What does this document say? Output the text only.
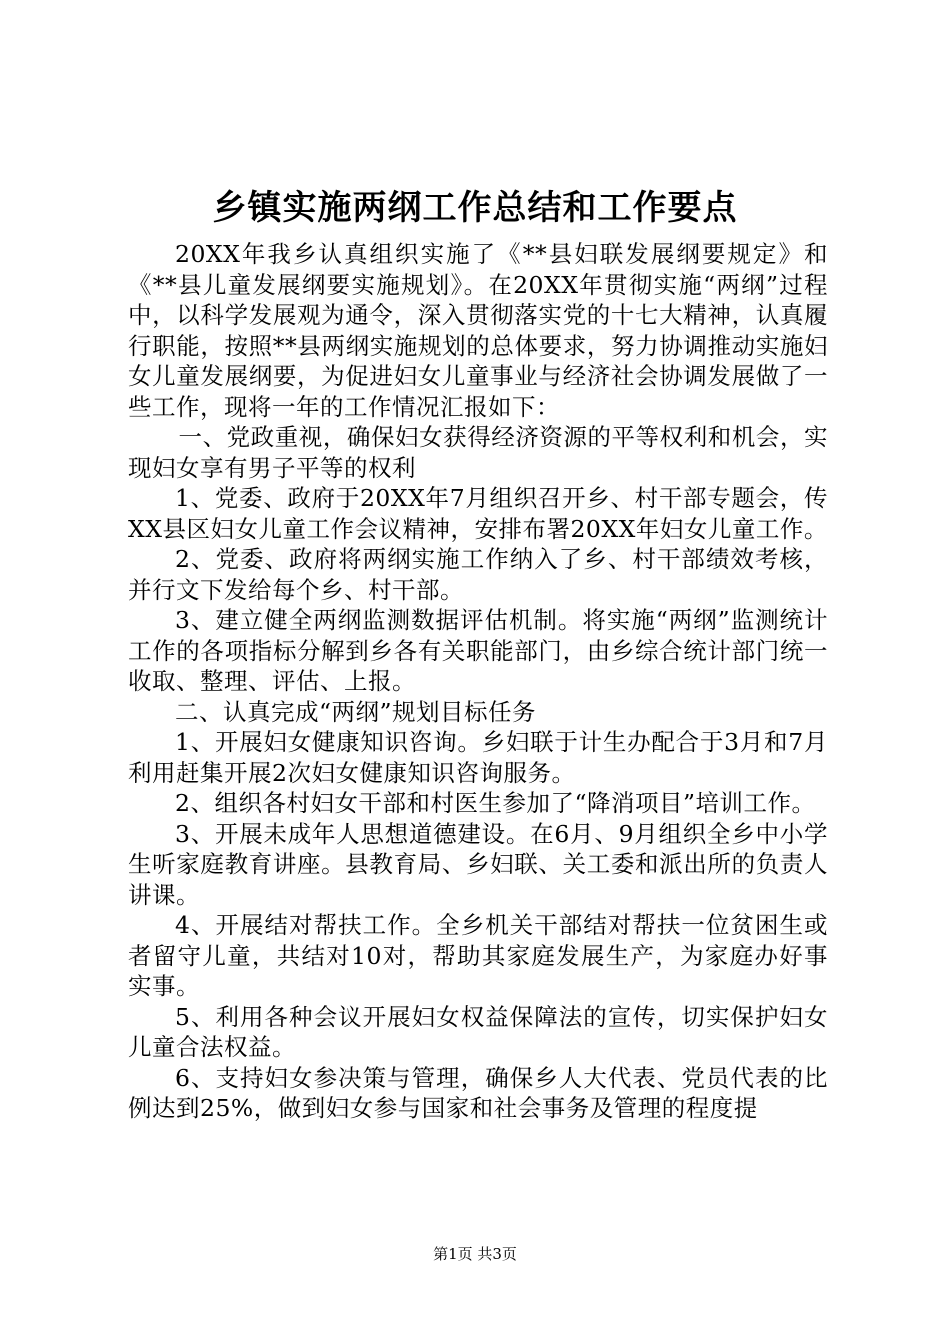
乡镇实施两纲工作总结和工作要点

20XX年我乡认真组织实施了《**县妇联发展纲要规定》和《**县儿童发展纲要实施规划》。在20XX年贯彻实施“两纲”过程中，以科学发展观为通令，深入贯彻落实党的十七大精神，认真履行职能，按照**县两纲实施规划的总体要求，努力协调推动实施妇女儿童发展纲要，为促进妇女儿童事业与经济社会协调发展做了一些工作，现将一年的工作情况汇报如下：

一、党政重视，确保妇女获得经济资源的平等权利和机会，实现妇女享有男子平等的权利

1、党委、政府于20XX年7月组织召开乡、村干部专题会，传XX县区妇女儿童工作会议精神，安排布署20XX年妇女儿童工作。

2、党委、政府将两纲实施工作纳入了乡、村干部绩效考核，并行文下发给每个乡、村干部。

3、建立健全两纲监测数据评估机制。将实施“两纲”监测统计工作的各项指标分解到乡各有关职能部门，由乡综合统计部门统一收取、整理、评估、上报。

二、认真完成“两纲”规划目标任务

1、开展妇女健康知识咨询。乡妇联于计生办配合于3月和7月利用赶集开展2次妇女健康知识咨询服务。

2、组织各村妇女干部和村医生参加了“降消项目”培训工作。

3、开展未成年人思想道德建设。在6月、9月组织全乡中小学生听家庭教育讲座。县教育局、乡妇联、关工委和派出所的负责人讲课。

4、开展结对帮扶工作。全乡机关干部结对帮扶一位贫困生或者留守儿童，共结对10对，帮助其家庭发展生产，为家庭办好事实事。

5、利用各种会议开展妇女权益保障法的宣传，切实保护妇女儿童合法权益。

6、支持妇女参决策与管理，确保乡人大代表、党员代表的比例达到25%，做到妇女参与国家和社会事务及管理的程度提

第1页 共3页
